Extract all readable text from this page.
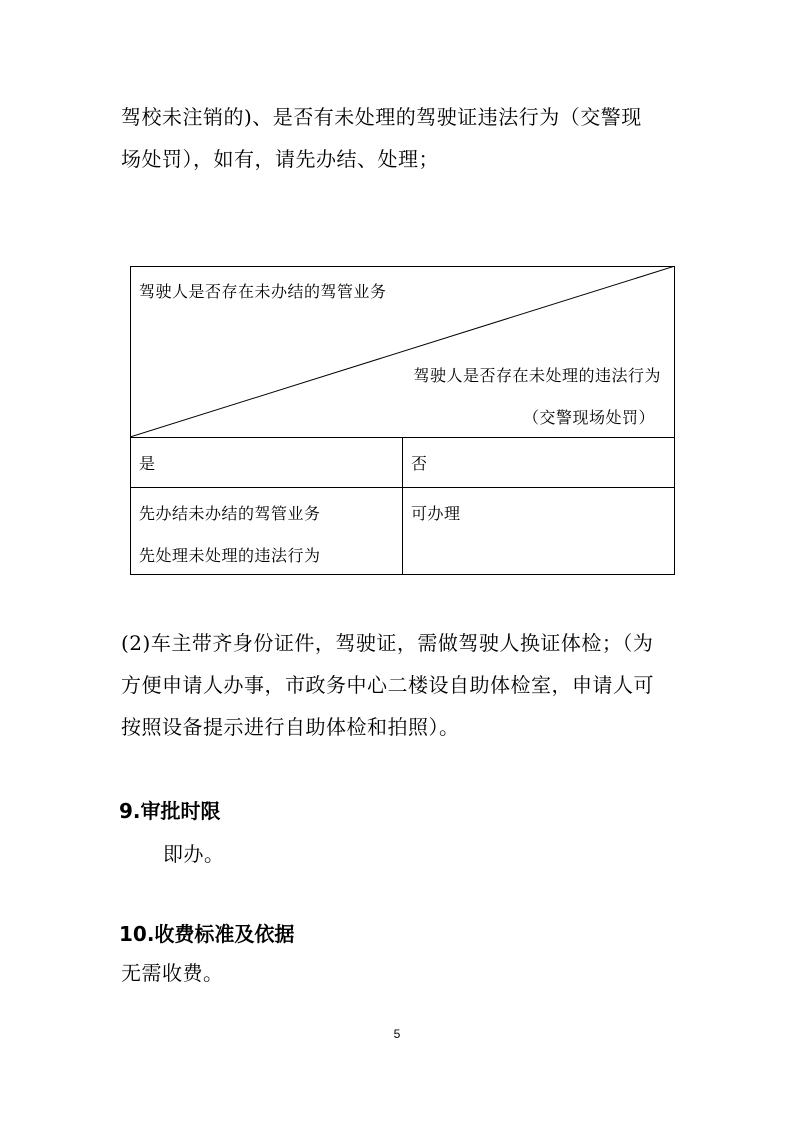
驾校未注销的)、是否有未处理的驾驶证违法行为（交警现

场处罚），如有，请先办结、处理；

驾驶人是否存在未办结的驾管业务
驾驶人是否存在未处理的违法行为
（交警现场处罚）
是	否
先办结未办结的驾管业务
先处理未处理的违法行为
可办理

(2)车主带齐身份证件，驾驶证，需做驾驶人换证体检；（为

方便申请人办事，市政务中心二楼设自助体检室，申请人可

按照设备提示进行自助体检和拍照）。

9.审批时限

即办。

10.收费标准及依据

无需收费。

5
